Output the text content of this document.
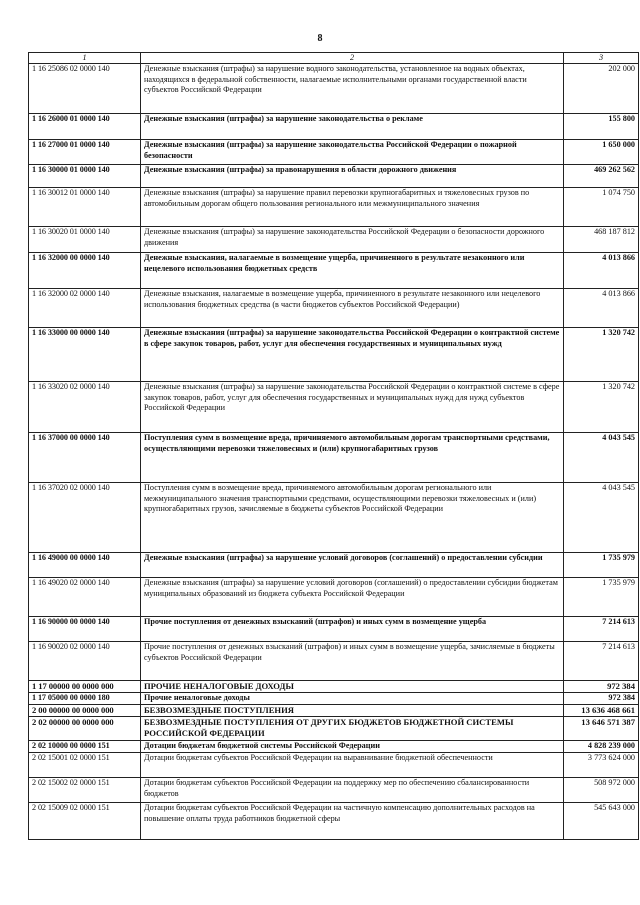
8
1	2	3
1 16 25086 02 0000 140	Денежные взыскания (штрафы) за нарушение водного законодательства, установленное на водных объектах, находящихся в федеральной собственности, налагаемые исполнительными органами государственной власти субъектов Российской Федерации	202 000
1 16 26000 01 0000 140	Денежные взыскания (штрафы) за нарушение законодательства о рекламе	155 800
1 16 27000 01 0000 140	Денежные взыскания (штрафы) за нарушение законодательства Российской Федерации о пожарной безопасности	1 650 000
1 16 30000 01 0000 140	Денежные взыскания (штрафы) за правонарушения в области дорожного движения	469 262 562
1 16 30012 01 0000 140	Денежные взыскания (штрафы) за нарушение правил перевозки крупногабаритных и тяжеловесных грузов по автомобильным дорогам общего пользования регионального или межмуниципального значения	1 074 750
1 16 30020 01 0000 140	Денежные взыскания (штрафы) за нарушение законодательства Российской Федерации о безопасности дорожного движения	468 187 812
1 16 32000 00 0000 140	Денежные взыскания, налагаемые в возмещение ущерба, причиненного в результате незаконного или нецелевого использования бюджетных средств	4 013 866
1 16 32000 02 0000 140	Денежные взыскания, налагаемые в возмещение ущерба, причиненного в результате незаконного или нецелевого использования бюджетных средства (в части бюджетов субъектов Российской Федерации)	4 013 866
1 16 33000 00 0000 140	Денежные взыскания (штрафы) за нарушение законодательства Российской Федерации о контрактной системе в сфере закупок товаров, работ, услуг для обеспечения государственных и муниципальных нужд	1 320 742
1 16 33020 02 0000 140	Денежные взыскания (штрафы) за нарушение законодательства Российской Федерации о контрактной системе в сфере закупок товаров, работ, услуг для обеспечения государственных и муниципальных нужд для нужд субъектов Российской Федерации	1 320 742
1 16 37000 00 0000 140	Поступления сумм в возмещение вреда, причиняемого автомобильным дорогам транспортными средствами, осуществляющими перевозки тяжеловесных и (или) крупногабаритных грузов	4 043 545
1 16 37020 02 0000 140	Поступления сумм в возмещение вреда, причиняемого автомобильным дорогам регионального или межмуниципального значения транспортными средствами, осуществляющими перевозки тяжеловесных и (или) крупногабаритных грузов, зачисляемые в бюджеты субъектов Российской Федерации	4 043 545
1 16 49000 00 0000 140	Денежные взыскания (штрафы) за нарушение условий договоров (соглашений) о предоставлении субсидии	1 735 979
1 16 49020 02 0000 140	Денежные взыскания (штрафы) за нарушение условий договоров (соглашений) о предоставлении субсидии бюджетам муниципальных образований из бюджета субъекта Российской Федерации	1 735 979
1 16 90000 00 0000 140	Прочие поступления от денежных взысканий (штрафов) и иных сумм в возмещение ущерба	7 214 613
1 16 90020 02 0000 140	Прочие поступления от денежных взысканий (штрафов) и иных сумм в возмещение ущерба, зачисляемые в бюджеты субъектов Российской Федерации	7 214 613
1 17 00000 00 0000 000	ПРОЧИЕ НЕНАЛОГОВЫЕ ДОХОДЫ	972 384
1 17 05000 00 0000 180	Прочие неналоговые доходы	972 384
2 00 00000 00 0000 000	БЕЗВОЗМЕЗДНЫЕ ПОСТУПЛЕНИЯ	13 636 468 661
2 02 00000 00 0000 000	БЕЗВОЗМЕЗДНЫЕ ПОСТУПЛЕНИЯ ОТ ДРУГИХ БЮДЖЕТОВ БЮДЖЕТНОЙ СИСТЕМЫ РОССИЙСКОЙ ФЕДЕРАЦИИ	13 646 571 387
2 02 10000 00 0000 151	Дотации бюджетам бюджетной системы Российской Федерации	4 828 239 000
2 02 15001 02 0000 151	Дотации бюджетам субъектов Российской Федерации на выравнивание бюджетной обеспеченности	3 773 624 000
2 02 15002 02 0000 151	Дотации бюджетам субъектов Российской Федерации на поддержку мер по обеспечению сбалансированности бюджетов	508 972 000
2 02 15009 02 0000 151	Дотации бюджетам субъектов Российской Федерации на частичную компенсацию дополнительных расходов на повышение оплаты труда работников бюджетной сферы	545 643 000
